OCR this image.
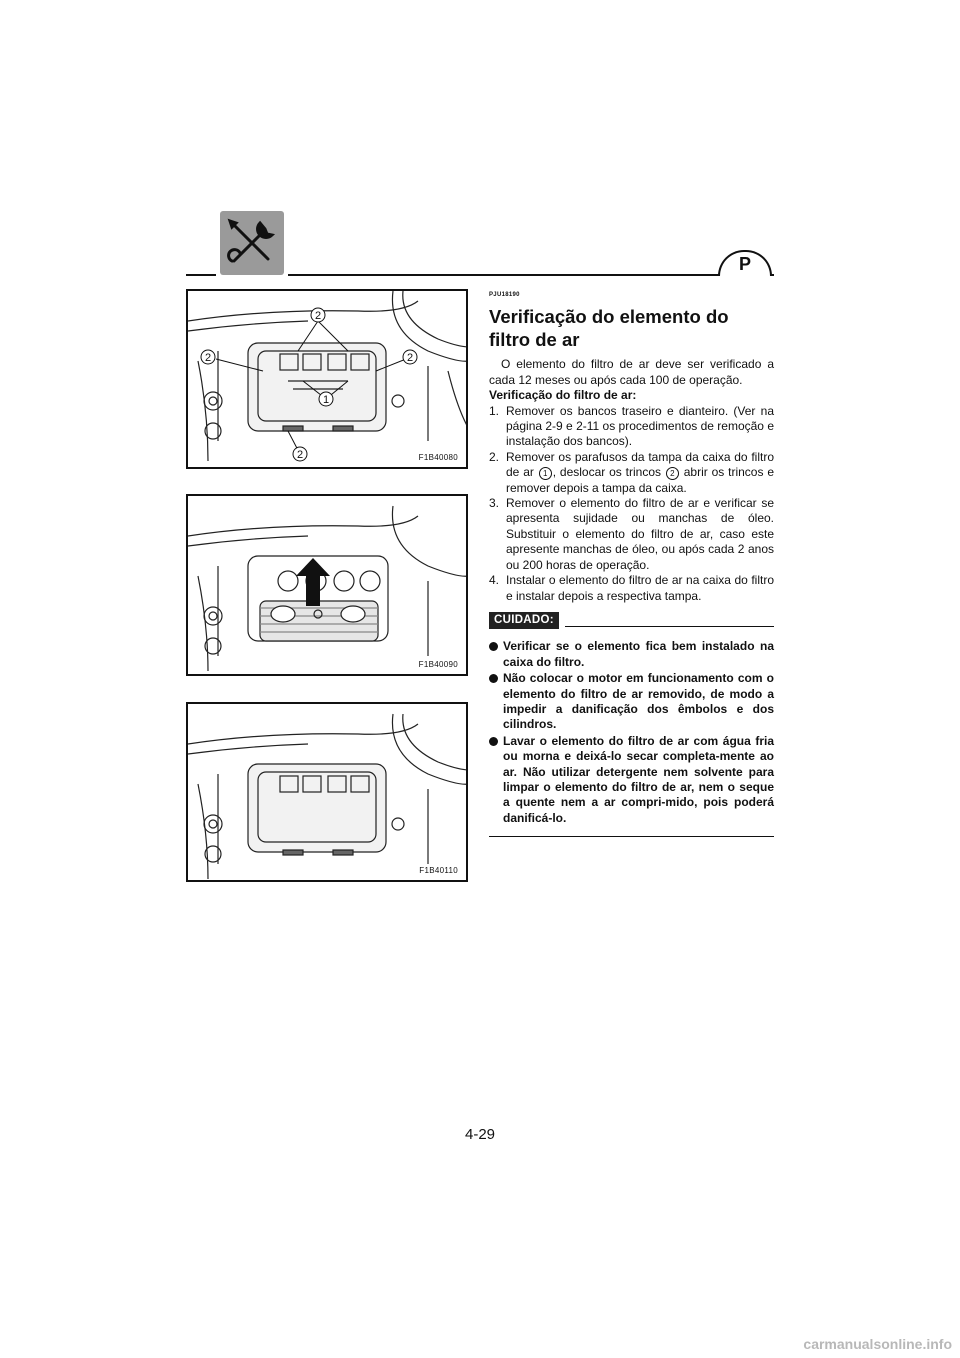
P
2
2	2
1
2	F1B40080
F1B40090
F1B40110
PJU18190
Verificação do elemento do filtro de ar

O elemento do filtro de ar deve ser verificado a cada 12 meses ou após cada 100 de operação.

Verificação do filtro de ar:

1. Remover os bancos traseiro e dianteiro. (Ver na página 2-9 e 2-11 os procedimentos de remoção e instalação dos bancos).
2. Remover os parafusos da tampa da caixa do filtro de ar 1 , deslocar os trincos 2 abrir os trincos e remover depois a tampa da caixa.
3. Remover o elemento do filtro de ar e verificar se apresenta sujidade ou manchas de óleo. Substituir o elemento do filtro de ar, caso este apresente manchas de óleo, ou após cada 2 anos ou 200 horas de operação.
4. Instalar o elemento do filtro de ar na caixa do filtro e instalar depois a respectiva tampa.
CUIDADO:
Verificar se o elemento fica bem instalado na caixa do filtro.
Não colocar o motor em funcionamento com o elemento do filtro de ar removido, de modo a impedir a danificação dos êmbolos e dos cilindros.
Lavar o elemento do filtro de ar com água fria ou morna e deixá-lo secar completa-mente ao ar. Não utilizar detergente nem solvente para limpar o elemento do filtro de ar, nem o seque a quente nem a ar compri-mido, pois poderá danificá-lo.
4-29
carmanualsonline.info
